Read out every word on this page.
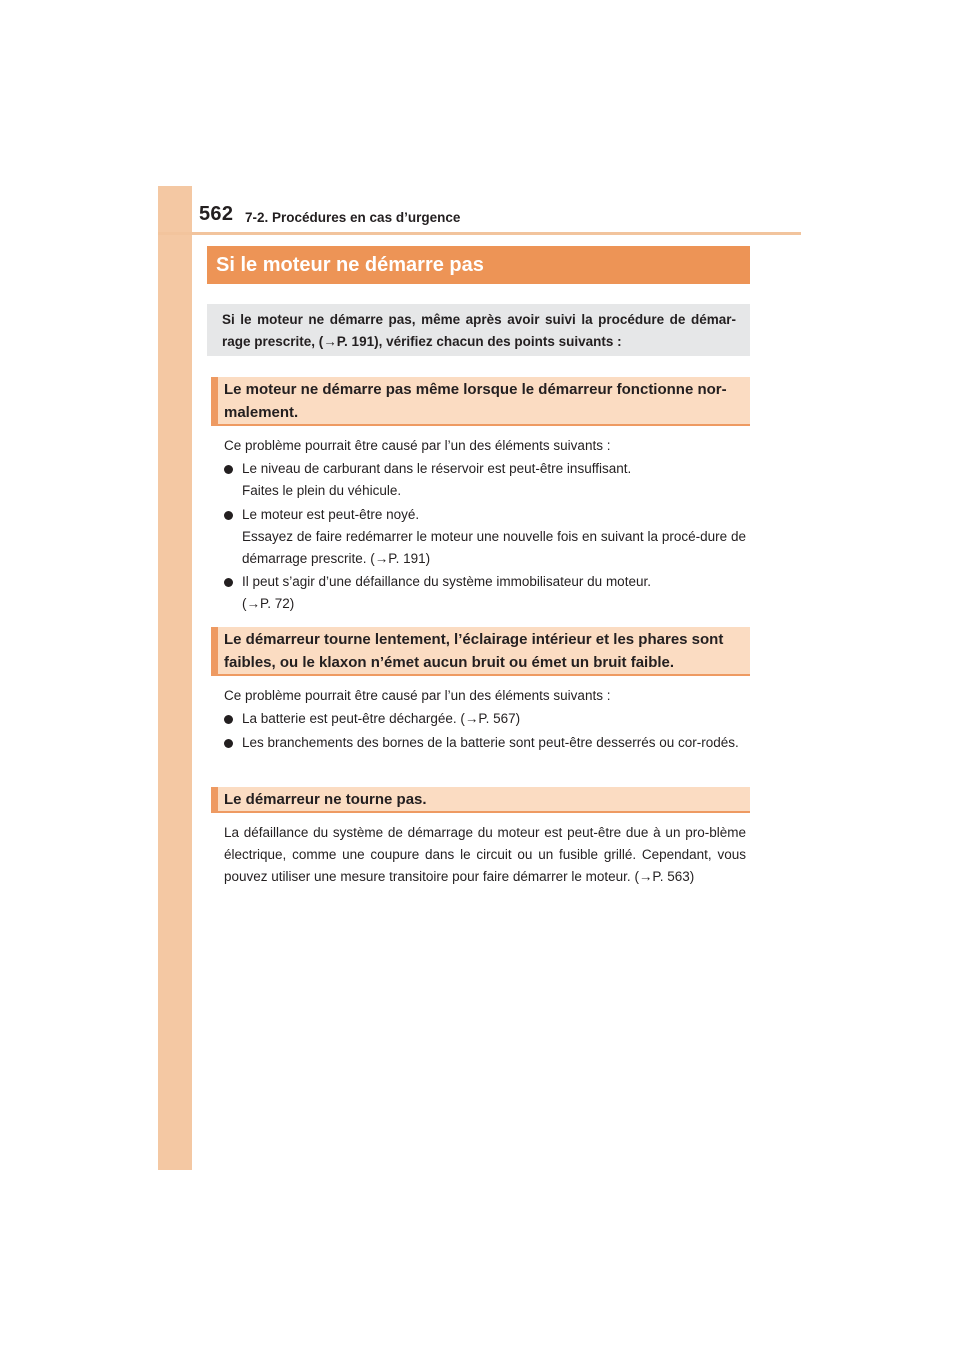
562 7-2. Procédures en cas d’urgence
Si le moteur ne démarre pas
Si le moteur ne démarre pas, même après avoir suivi la procédure de démar-rage prescrite, (→P. 191), vérifiez chacun des points suivants :
Le moteur ne démarre pas même lorsque le démarreur fonctionne nor-malement.
Ce problème pourrait être causé par l’un des éléments suivants :
Le niveau de carburant dans le réservoir est peut-être insuffisant.
Faites le plein du véhicule.
Le moteur est peut-être noyé.
Essayez de faire redémarrer le moteur une nouvelle fois en suivant la procé-dure de démarrage prescrite. (→P. 191)
Il peut s’agir d’une défaillance du système immobilisateur du moteur.
(→P. 72)
Le démarreur tourne lentement, l’éclairage intérieur et les phares sont faibles, ou le klaxon n’émet aucun bruit ou émet un bruit faible.
Ce problème pourrait être causé par l’un des éléments suivants :
La batterie est peut-être déchargée. (→P. 567)
Les branchements des bornes de la batterie sont peut-être desserrés ou cor-rodés.
Le démarreur ne tourne pas.
La défaillance du système de démarrage du moteur est peut-être due à un pro-blème électrique, comme une coupure dans le circuit ou un fusible grillé. Cependant, vous pouvez utiliser une mesure transitoire pour faire démarrer le moteur. (→P. 563)
